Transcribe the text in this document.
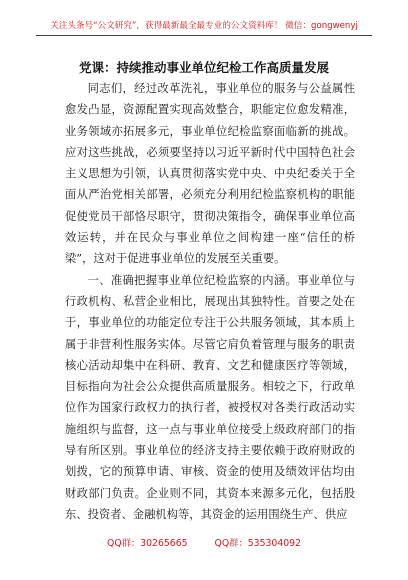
关注头条号“公文研究”，获得最新最全最专业的公文资料库！ 微信：gongwenyj
党课：持续推动事业单位纪检工作高质量发展

同志们，经过改革洗礼，事业单位的服务与公益属性愈发凸显，资源配置实现高效整合，职能定位愈发精准，业务领域亦拓展多元，事业单位纪检监察面临新的挑战。应对这些挑战，必须要坚持以习近平新时代中国特色社会主义思想为引领，认真贯彻落实党中央、中央纪委关于全面从严治党相关部署，必须充分利用纪检监察机构的职能促使党员干部恪尽职守，贯彻决策指令，确保事业单位高效运转，并在民众与事业单位之间构建一座“信任的桥梁”，这对于促进事业单位的发展至关重要。

一、准确把握事业单位纪检监察的内涵。事业单位与行政机构、私营企业相比，展现出其独特性。首要之处在于，事业单位的功能定位专注于公共服务领域，其本质上属于非营利性服务实体。尽管它肩负着管理与服务的职责核心活动却集中在科研、教育、文艺和健康医疗等领域，目标指向为社会公众提供高质量服务。相较之下，行政单位作为国家行政权力的执行者，被授权对各类行政活动实施组织与监督，这一点与事业单位接受上级政府部门的指导有所区别。事业单位的经济支持主要依赖于政府财政的划拨，它的预算申请、审核、资金的使用及绩效评估均由财政部门负责。企业则不同，其资本来源多元化，包括股东、投资者、金融机构等，其资金的运用围绕生产、供应

QQ群：30265665	QQ群：535304092
